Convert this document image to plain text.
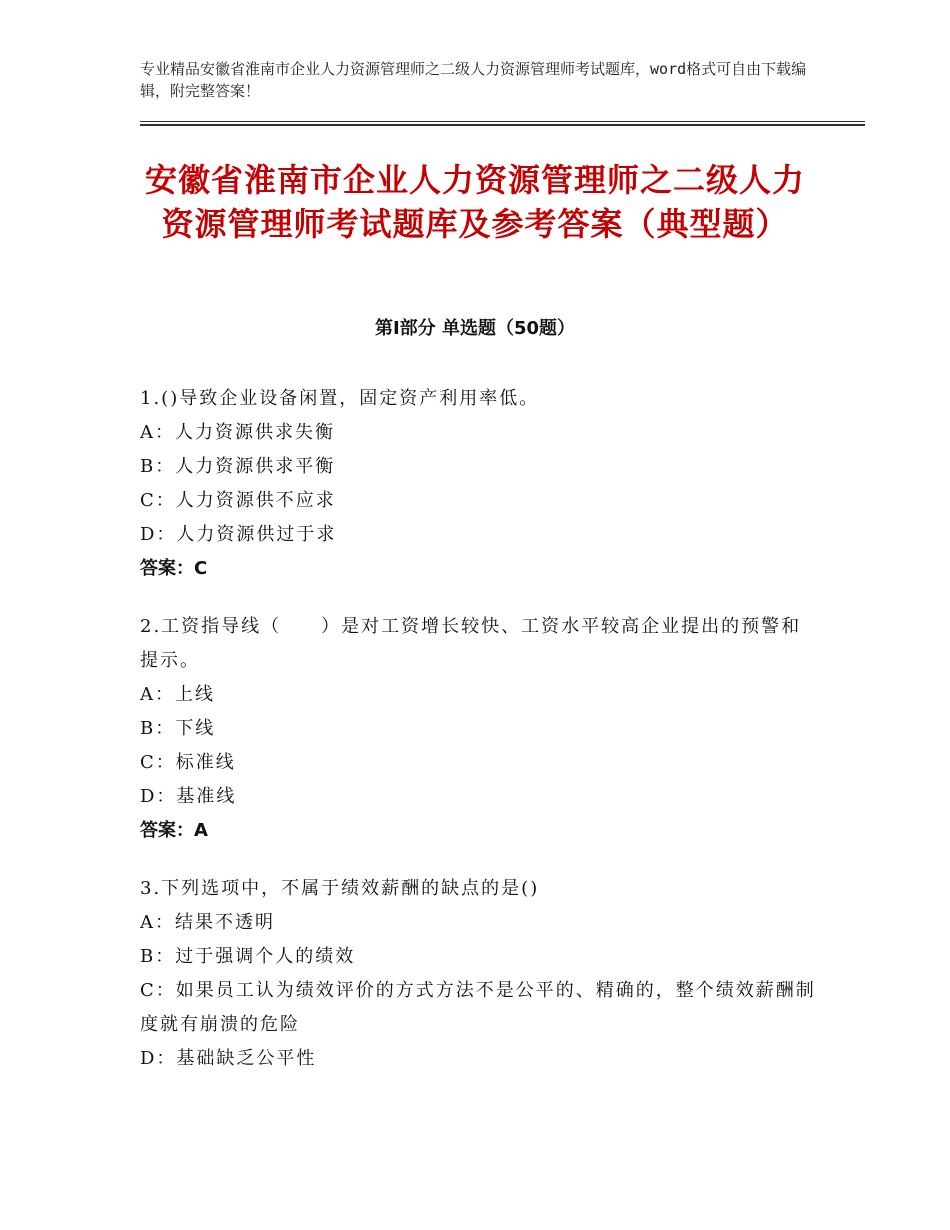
专业精品安徽省淮南市企业人力资源管理师之二级人力资源管理师考试题库，word格式可自由下载编辑，附完整答案！
安徽省淮南市企业人力资源管理师之二级人力资源管理师考试题库及参考答案（典型题）
第Ⅰ部分 单选题（50题）
1.()导致企业设备闲置，固定资产利用率低。
A：人力资源供求失衡
B：人力资源供求平衡
C：人力资源供不应求
D：人力资源供过于求
答案：C
2.工资指导线（　　）是对工资增长较快、工资水平较高企业提出的预警和提示。
A：上线
B：下线
C：标准线
D：基准线
答案：A
3.下列选项中，不属于绩效薪酬的缺点的是()
A：结果不透明
B：过于强调个人的绩效
C：如果员工认为绩效评价的方式方法不是公平的、精确的，整个绩效薪酬制度就有崩溃的危险
D：基础缺乏公平性
